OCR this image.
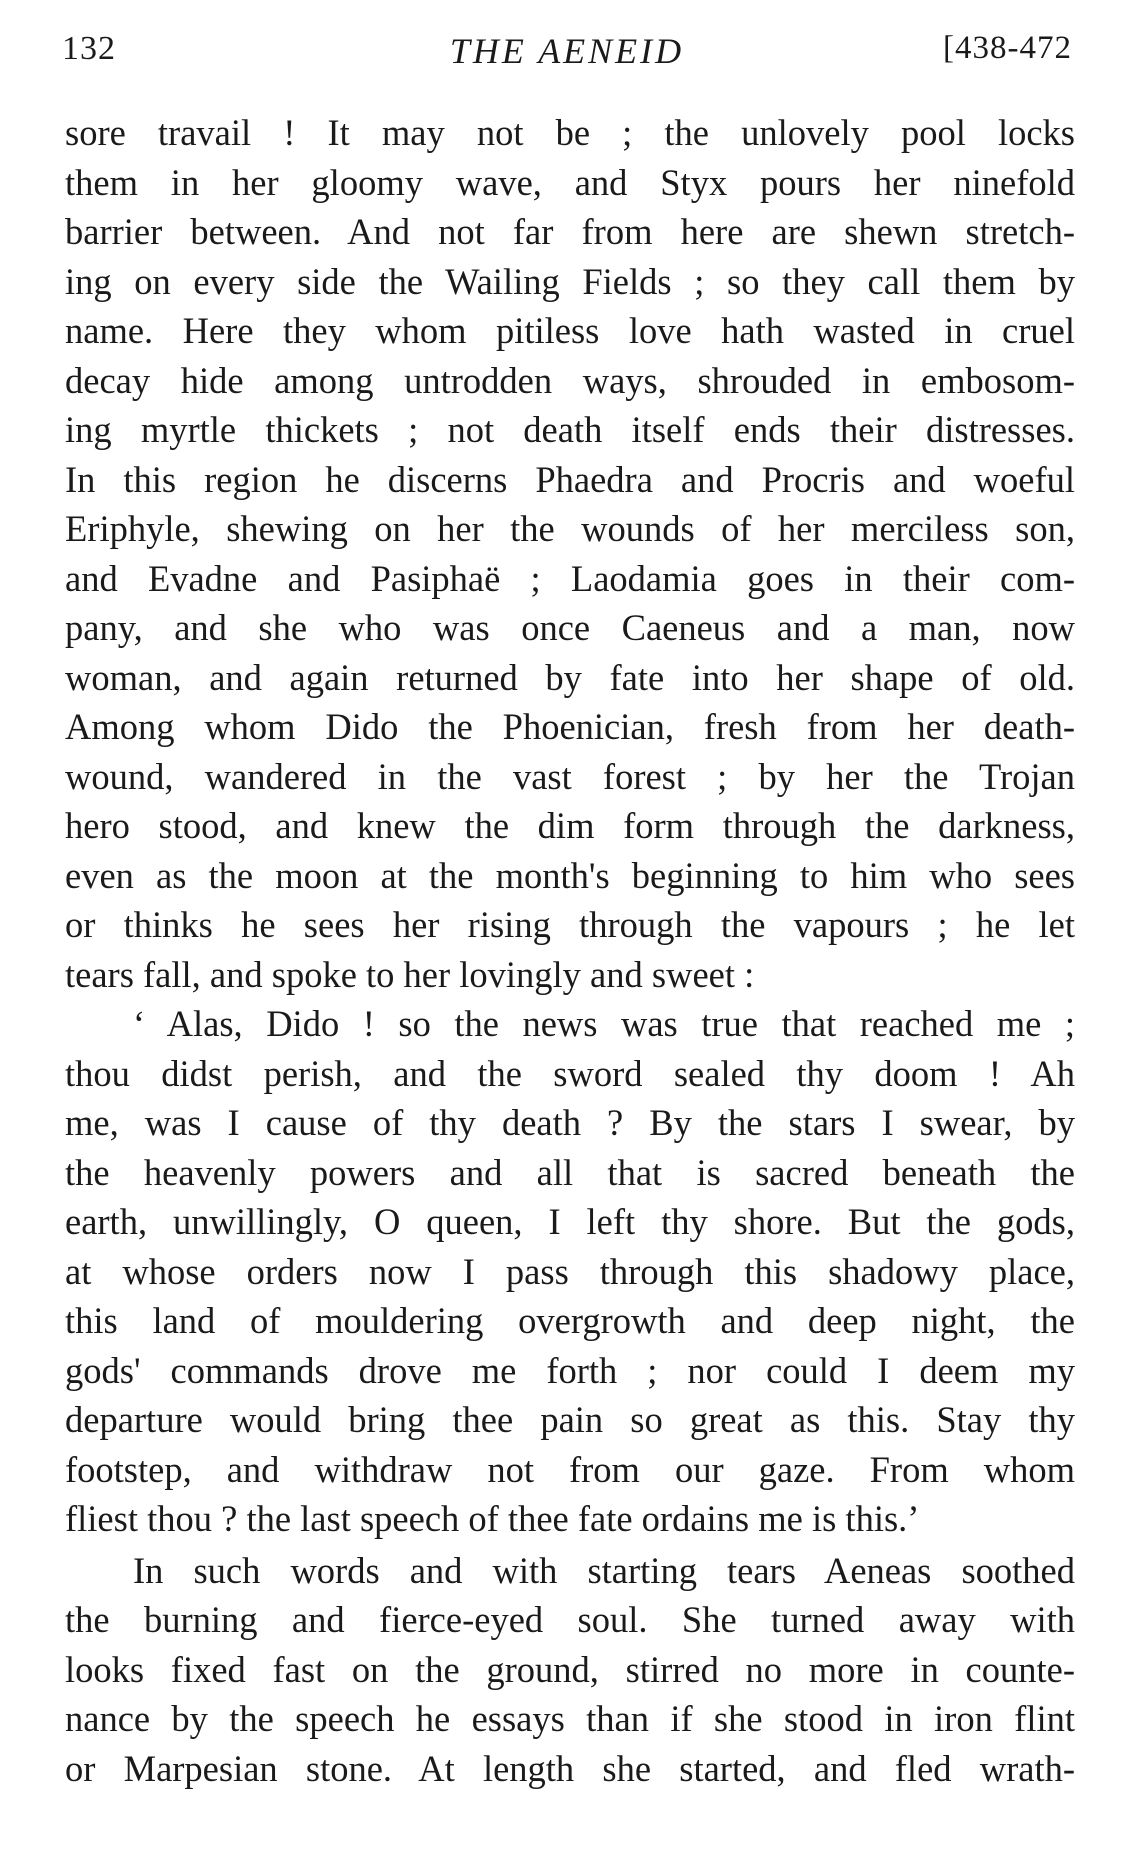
132	THE AENEID	[438-472
sore travail ! It may not be ; the unlovely pool locks
them in her gloomy wave, and Styx pours her ninefold
barrier between. And not far from here are shewn stretch-
ing on every side the Wailing Fields ; so they call them by
name. Here they whom pitiless love hath wasted in cruel
decay hide among untrodden ways, shrouded in embosom-
ing myrtle thickets ; not death itself ends their distresses.
In this region he discerns Phaedra and Procris and woeful
Eriphyle, shewing on her the wounds of her merciless son,
and Evadne and Pasiphaë ; Laodamia goes in their com-
pany, and she who was once Caeneus and a man, now
woman, and again returned by fate into her shape of old.
Among whom Dido the Phoenician, fresh from her death-
wound, wandered in the vast forest ; by her the Trojan
hero stood, and knew the dim form through the darkness,
even as the moon at the month's beginning to him who sees
or thinks he sees her rising through the vapours ; he let
tears fall, and spoke to her lovingly and sweet :
‘ Alas, Dido ! so the news was true that reached me ;
thou didst perish, and the sword sealed thy doom ! Ah
me, was I cause of thy death ? By the stars I swear, by
the heavenly powers and all that is sacred beneath the
earth, unwillingly, O queen, I left thy shore. But the gods,
at whose orders now I pass through this shadowy place,
this land of mouldering overgrowth and deep night, the
gods' commands drove me forth ; nor could I deem my
departure would bring thee pain so great as this. Stay thy
footstep, and withdraw not from our gaze. From whom
fliest thou ? the last speech of thee fate ordains me is this.’
In such words and with starting tears Aeneas soothed
the burning and fierce-eyed soul. She turned away with
looks fixed fast on the ground, stirred no more in counte-
nance by the speech he essays than if she stood in iron flint
or Marpesian stone. At length she started, and fled wrath-
